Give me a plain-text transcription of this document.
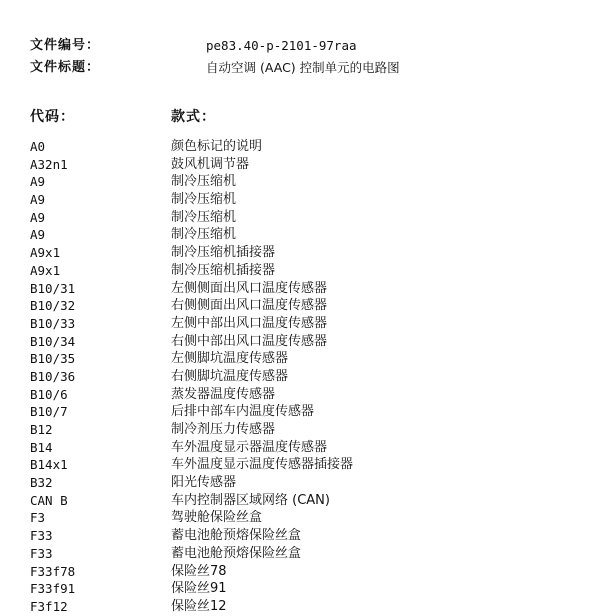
文件编号：	pe83.40-p-2101-97raa
文件标题：	自动空调 (AAC) 控制单元的电路图
代码：	款式：
A0	颜色标记的说明
A32n1	鼓风机调节器
A9	制冷压缩机
A9	制冷压缩机
A9	制冷压缩机
A9	制冷压缩机
A9x1	制冷压缩机插接器
A9x1	制冷压缩机插接器
B10/31	左侧侧面出风口温度传感器
B10/32	右侧侧面出风口温度传感器
B10/33	左侧中部出风口温度传感器
B10/34	右侧中部出风口温度传感器
B10/35	左侧脚坑温度传感器
B10/36	右侧脚坑温度传感器
B10/6	蒸发器温度传感器
B10/7	后排中部车内温度传感器
B12	制冷剂压力传感器
B14	车外温度显示器温度传感器
B14x1	车外温度显示温度传感器插接器
B32	阳光传感器
CAN B	车内控制器区域网络 (CAN)
F3	驾驶舱保险丝盒
F33	蓄电池舱预熔保险丝盒
F33	蓄电池舱预熔保险丝盒
F33f78	保险丝78
F33f91	保险丝91
F3f12	保险丝12
